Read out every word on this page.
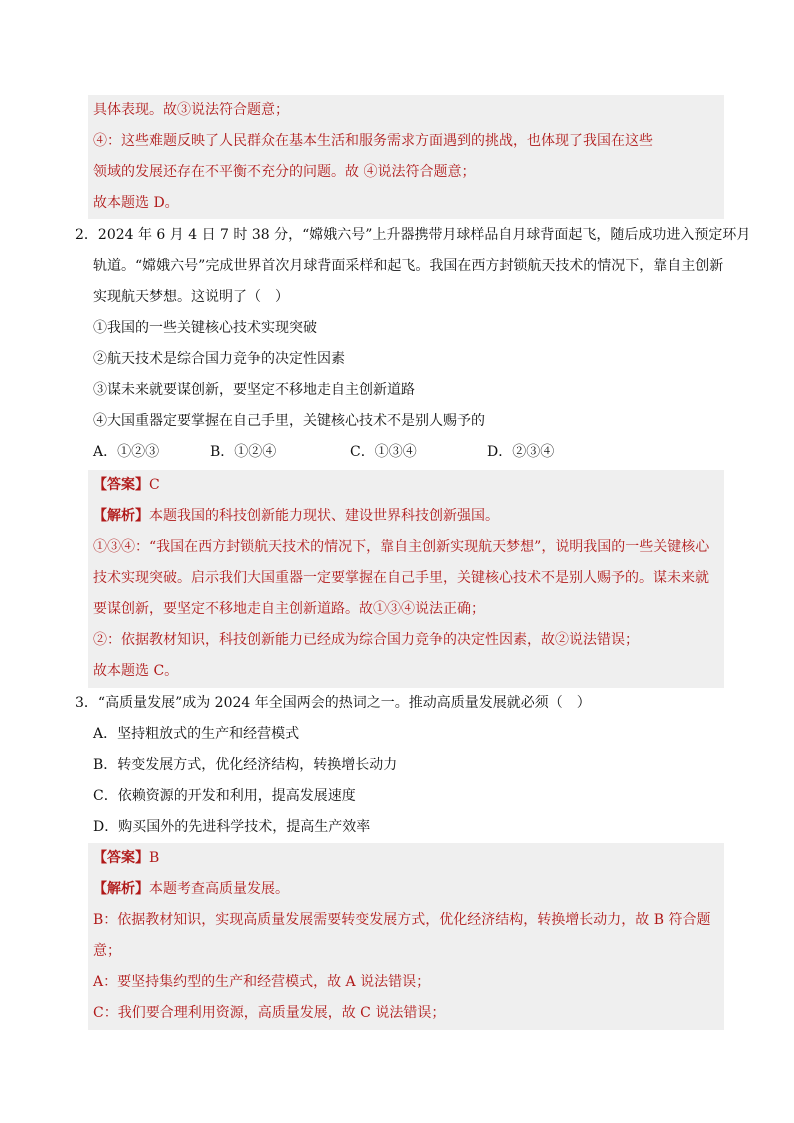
具体表现。故③说法符合题意；
④：这些难题反映了人民群众在基本生活和服务需求方面遇到的挑战，也体现了我国在这些
领域的发展还存在不平衡不充分的问题。故 ④说法符合题意；
故本题选 D。
2．2024 年 6 月 4 日 7 时 38 分，“嫦娥六号”上升器携带月球样品自月球背面起飞，随后成功进入预定环月
轨道。“嫦娥六号”完成世界首次月球背面采样和起飞。我国在西方封锁航天技术的情况下，靠自主创新
实现航天梦想。这说明了（　）
①我国的一些关键核心技术实现突破
②航天技术是综合国力竞争的决定性因素
③谋未来就要谋创新，要坚定不移地走自主创新道路
④大国重器定要掌握在自己手里，关键核心技术不是别人赐予的
A．①②③	B．①②④	C．①③④	D．②③④
【答案】C
【解析】本题我国的科技创新能力现状、建设世界科技创新强国。
①③④：“我国在西方封锁航天技术的情况下，靠自主创新实现航天梦想”，说明我国的一些关键核心
技术实现突破。启示我们大国重器一定要掌握在自己手里，关键核心技术不是别人赐予的。谋未来就
要谋创新，要坚定不移地走自主创新道路。故①③④说法正确；
②：依据教材知识，科技创新能力已经成为综合国力竞争的决定性因素，故②说法错误；
故本题选 C。
3．“高质量发展”成为 2024 年全国两会的热词之一。推动高质量发展就必须（　）
A．坚持粗放式的生产和经营模式
B．转变发展方式，优化经济结构，转换增长动力
C．依赖资源的开发和利用，提高发展速度
D．购买国外的先进科学技术，提高生产效率
【答案】B
【解析】本题考查高质量发展。
B：依据教材知识，实现高质量发展需要转变发展方式，优化经济结构，转换增长动力，故 B 符合题
意；
A：要坚持集约型的生产和经营模式，故 A 说法错误；
C：我们要合理利用资源，高质量发展，故 C 说法错误；
